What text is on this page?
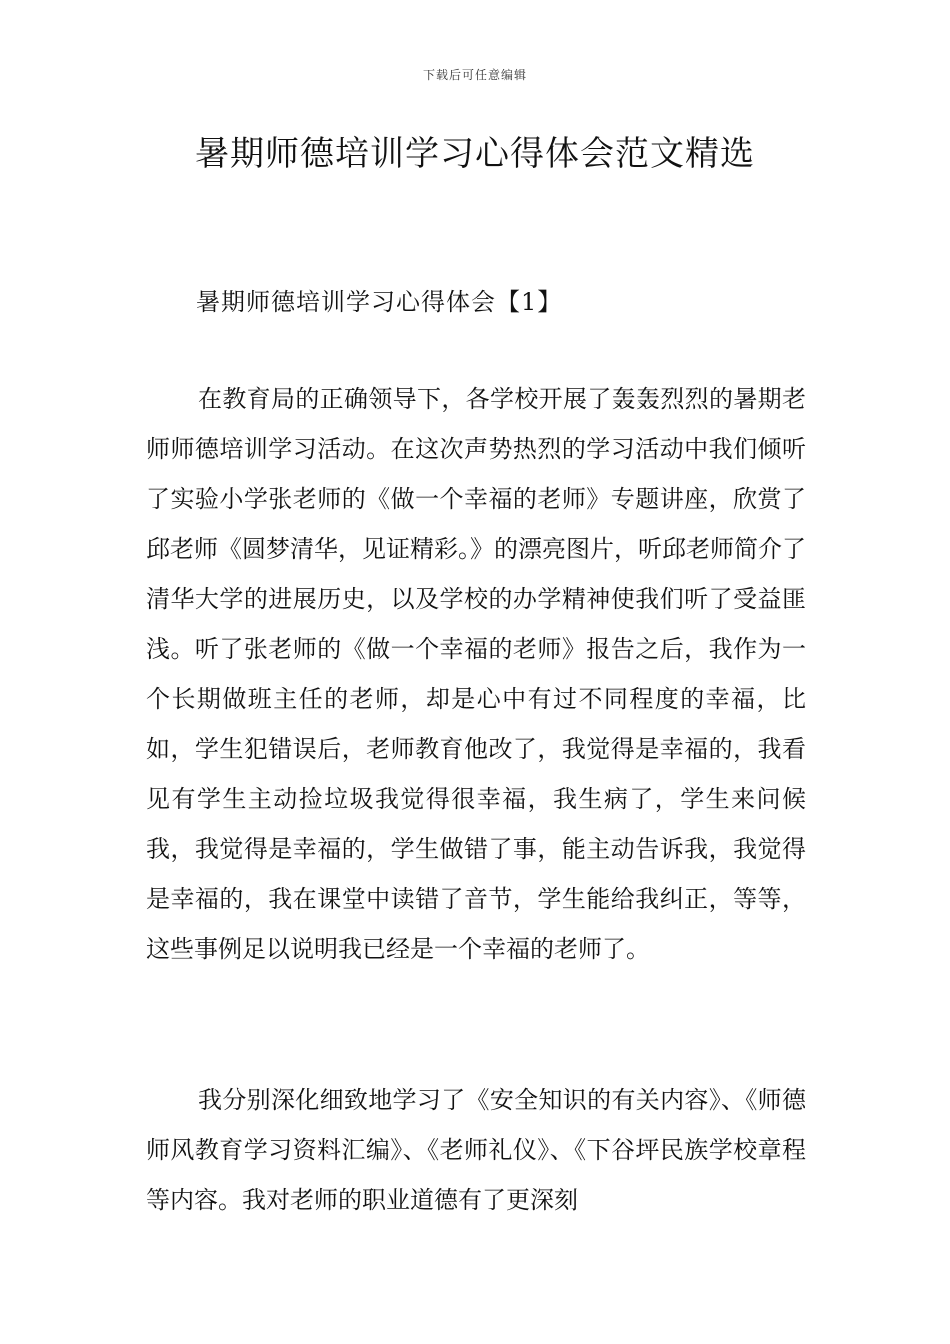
下载后可任意编辑
暑期师德培训学习心得体会范文精选
暑期师德培训学习心得体会【1】

在教育局的正确领导下，各学校开展了轰轰烈烈的暑期老师师德培训学习活动。在这次声势热烈的学习活动中我们倾听了实验小学张老师的《做一个幸福的老师》专题讲座，欣赏了邱老师《圆梦清华，见证精彩。》的漂亮图片，听邱老师简介了清华大学的进展历史，以及学校的办学精神使我们听了受益匪浅。听了张老师的《做一个幸福的老师》报告之后，我作为一个长期做班主任的老师，却是心中有过不同程度的幸福，比如，学生犯错误后，老师教育他改了，我觉得是幸福的，我看见有学生主动捡垃圾我觉得很幸福，我生病了，学生来问候我，我觉得是幸福的，学生做错了事，能主动告诉我，我觉得是幸福的，我在课堂中读错了音节，学生能给我纠正，等等，这些事例足以说明我已经是一个幸福的老师了。

我分别深化细致地学习了《安全知识的有关内容》、《师德师风教育学习资料汇编》、《老师礼仪》、《下谷坪民族学校章程等内容。我对老师的职业道德有了更深刻
